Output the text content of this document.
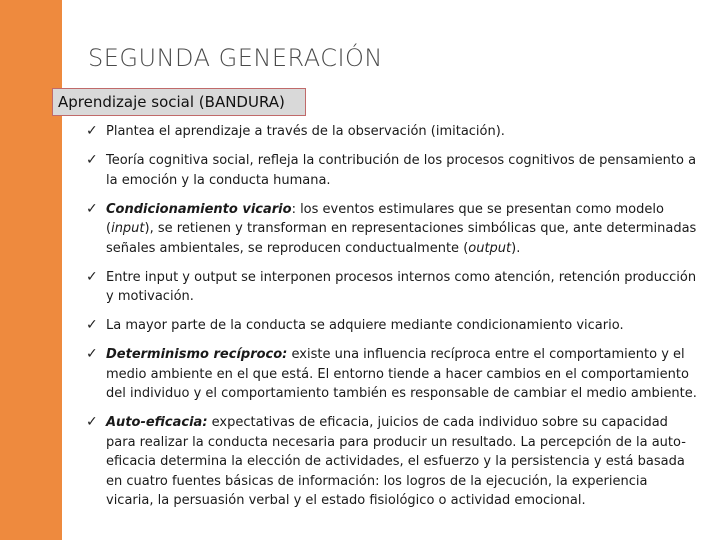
SEGUNDA GENERACIÓN
Aprendizaje social (BANDURA)
✓ Plantea el aprendizaje a través de la observación (imitación).
✓ Teoría cognitiva social, refleja la contribución de los procesos cognitivos de pensamiento a la emoción y la conducta humana.
✓ Condicionamiento vicario: los eventos estimulares que se presentan como modelo (input), se retienen y transforman en representaciones simbólicas que, ante determinadas señales ambientales, se reproducen conductualmente (output).
✓ Entre input y output se interponen procesos internos como atención, retención producción y motivación.
✓ La mayor parte de la conducta se adquiere mediante condicionamiento vicario.
✓ Determinismo recíproco: existe una influencia recíproca entre el comportamiento y el medio ambiente en el que está. El entorno tiende a hacer cambios en el comportamiento del individuo y el comportamiento también es responsable de cambiar el medio ambiente.
✓ Auto-eficacia: expectativas de eficacia, juicios de cada individuo sobre su capacidad para realizar la conducta necesaria para producir un resultado. La percepción de la auto-eficacia determina la elección de actividades, el esfuerzo y la persistencia y está basada en cuatro fuentes básicas de información: los logros de la ejecución, la experiencia vicaria, la persuasión verbal y el estado fisiológico o actividad emocional.
